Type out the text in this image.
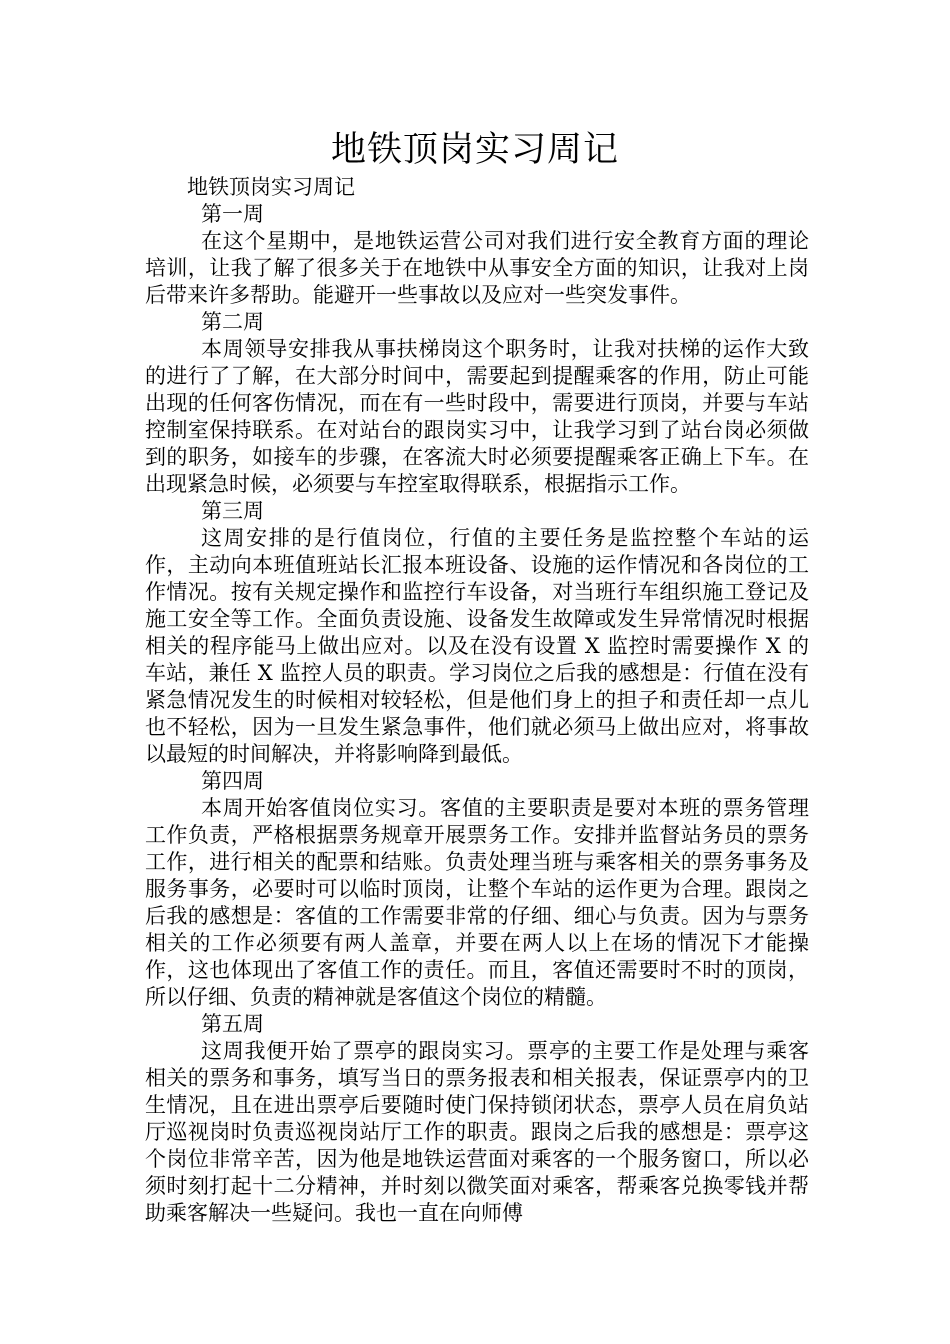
地铁顶岗实习周记

地铁顶岗实习周记

第一周

在这个星期中，是地铁运营公司对我们进行安全教育方面的理论培训，让我了解了很多关于在地铁中从事安全方面的知识，让我对上岗后带来许多帮助。能避开一些事故以及应对一些突发事件。

第二周

本周领导安排我从事扶梯岗这个职务时，让我对扶梯的运作大致的进行了了解，在大部分时间中，需要起到提醒乘客的作用，防止可能出现的任何客伤情况，而在有一些时段中，需要进行顶岗，并要与车站控制室保持联系。在对站台的跟岗实习中，让我学习到了站台岗必须做到的职务，如接车的步骤，在客流大时必须要提醒乘客正确上下车。在出现紧急时候，必须要与车控室取得联系，根据指示工作。

第三周

这周安排的是行值岗位，行值的主要任务是监控整个车站的运作，主动向本班值班站长汇报本班设备、设施的运作情况和各岗位的工作情况。按有关规定操作和监控行车设备，对当班行车组织施工登记及施工安全等工作。全面负责设施、设备发生故障或发生异常情况时根据相关的程序能马上做出应对。以及在没有设置 X 监控时需要操作 X 的车站，兼任 X 监控人员的职责。学习岗位之后我的感想是：行值在没有紧急情况发生的时候相对较轻松，但是他们身上的担子和责任却一点儿也不轻松，因为一旦发生紧急事件，他们就必须马上做出应对，将事故以最短的时间解决，并将影响降到最低。

第四周

本周开始客值岗位实习。客值的主要职责是要对本班的票务管理工作负责，严格根据票务规章开展票务工作。安排并监督站务员的票务工作，进行相关的配票和结账。负责处理当班与乘客相关的票务事务及服务事务，必要时可以临时顶岗，让整个车站的运作更为合理。跟岗之后我的感想是：客值的工作需要非常的仔细、细心与负责。因为与票务相关的工作必须要有两人盖章，并要在两人以上在场的情况下才能操作，这也体现出了客值工作的责任。而且，客值还需要时不时的顶岗，所以仔细、负责的精神就是客值这个岗位的精髓。

第五周

这周我便开始了票亭的跟岗实习。票亭的主要工作是处理与乘客相关的票务和事务，填写当日的票务报表和相关报表，保证票亭内的卫生情况，且在进出票亭后要随时使门保持锁闭状态，票亭人员在肩负站厅巡视岗时负责巡视岗站厅工作的职责。跟岗之后我的感想是：票亭这个岗位非常辛苦，因为他是地铁运营面对乘客的一个服务窗口，所以必须时刻打起十二分精神，并时刻以微笑面对乘客，帮乘客兑换零钱并帮助乘客解决一些疑问。我也一直在向师傅
